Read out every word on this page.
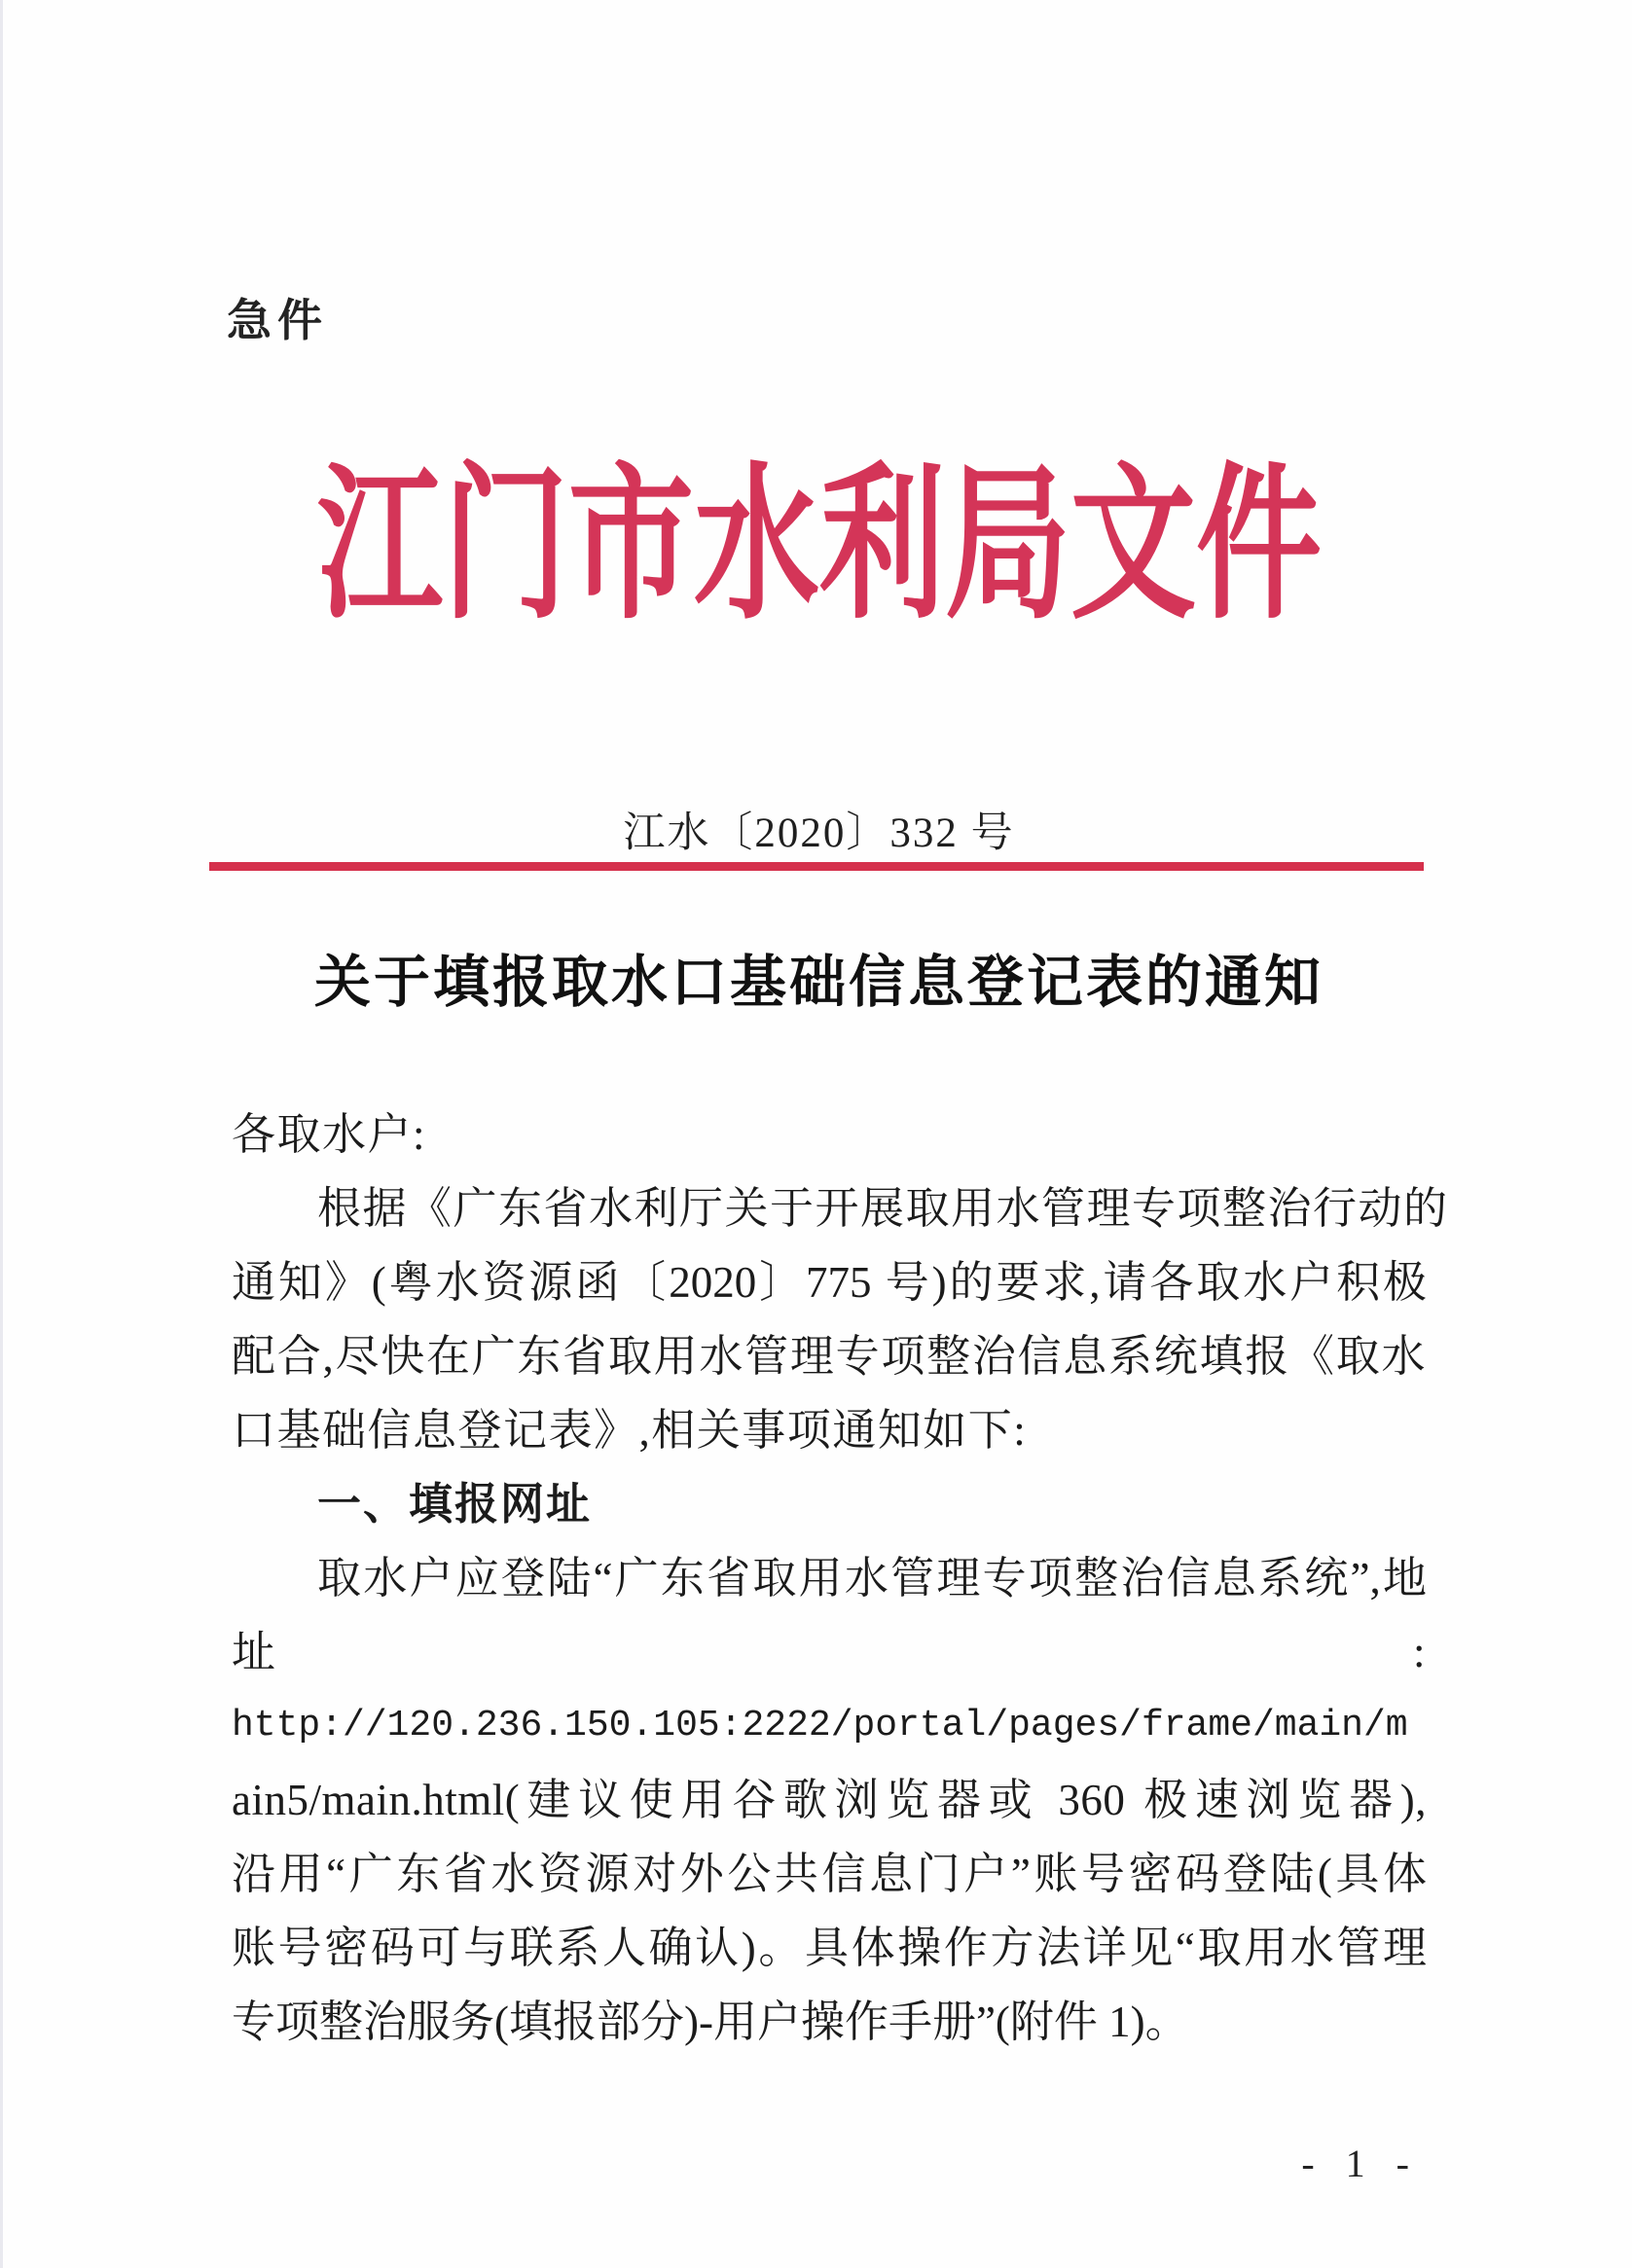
急件
江门市水利局文件
江水〔2020〕332 号
关于填报取水口基础信息登记表的通知
各取水户:
根据《广东省水利厅关于开展取用水管理专项整治行动的
通知》(粤水资源函〔2020〕775 号)的要求,请各取水户积极
配合,尽快在广东省取用水管理专项整治信息系统填报《取水
口基础信息登记表》,相关事项通知如下:
一、填报网址
取水户应登陆“广东省取用水管理专项整治信息系统”,地
址	:
http://120.236.150.105:2222/portal/pages/frame/main/m
ain5/main.html(建议使用谷歌浏览器或 360 极速浏览器),
沿用“广东省水资源对外公共信息门户”账号密码登陆(具体
账号密码可与联系人确认)。具体操作方法详见“取用水管理
专项整治服务(填报部分)-用户操作手册”(附件 1)。
- 1 -
